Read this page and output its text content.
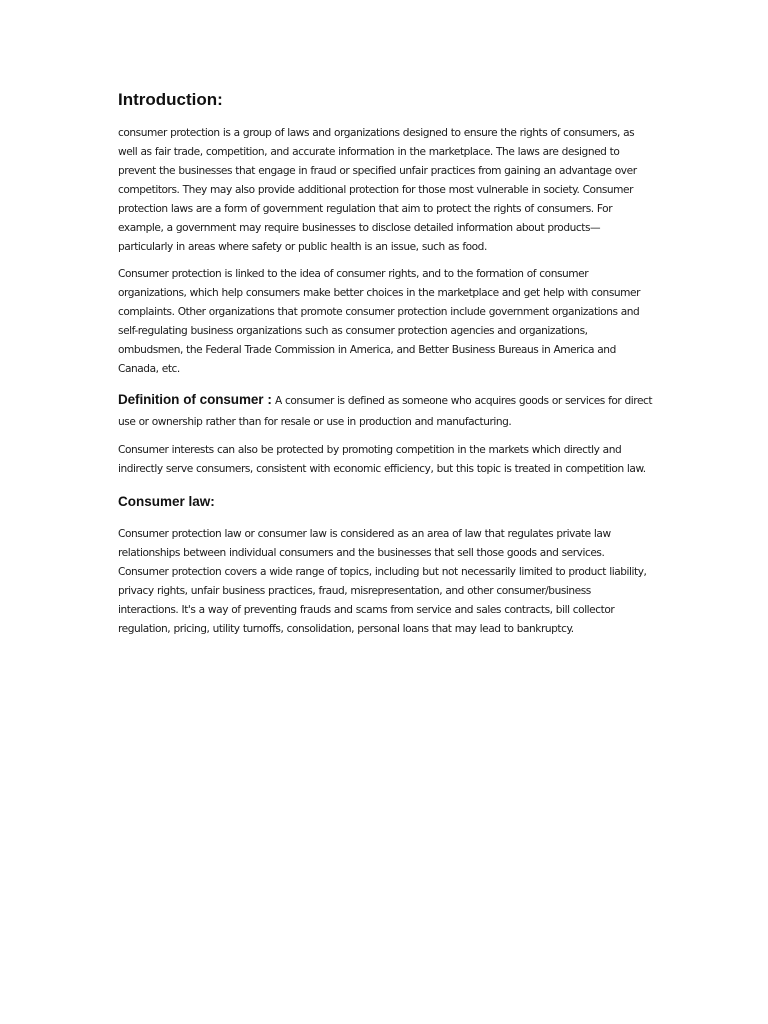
Introduction:

consumer protection is a group of laws and organizations designed to ensure the rights of consumers, as well as fair trade, competition, and accurate information in the marketplace. The laws are designed to prevent the businesses that engage in fraud or specified unfair practices from gaining an advantage over competitors. They may also provide additional protection for those most vulnerable in society. Consumer protection laws are a form of government regulation that aim to protect the rights of consumers. For example, a government may require businesses to disclose detailed information about products—particularly in areas where safety or public health is an issue, such as food.

Consumer protection is linked to the idea of consumer rights, and to the formation of consumer organizations, which help consumers make better choices in the marketplace and get help with consumer complaints. Other organizations that promote consumer protection include government organizations and self-regulating business organizations such as consumer protection agencies and organizations, ombudsmen, the Federal Trade Commission in America, and Better Business Bureaus in America and Canada, etc.

Definition of consumer : A consumer is defined as someone who acquires goods or services for direct use or ownership rather than for resale or use in production and manufacturing.

Consumer interests can also be protected by promoting competition in the markets which directly and indirectly serve consumers, consistent with economic efficiency, but this topic is treated in competition law.

Consumer law:

Consumer protection law or consumer law is considered as an area of law that regulates private law relationships between individual consumers and the businesses that sell those goods and services. Consumer protection covers a wide range of topics, including but not necessarily limited to product liability, privacy rights, unfair business practices, fraud, misrepresentation, and other consumer/business interactions. It's a way of preventing frauds and scams from service and sales contracts, bill collector regulation, pricing, utility turnoffs, consolidation, personal loans that may lead to bankruptcy.
